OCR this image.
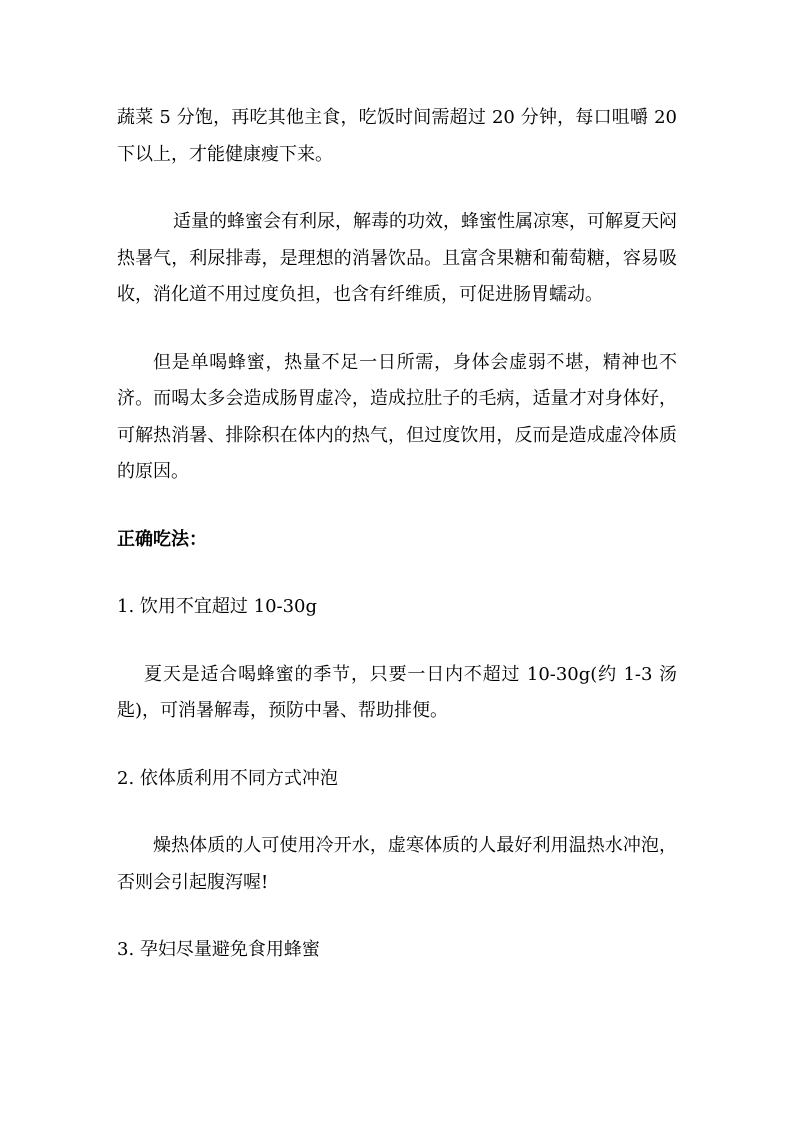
蔬菜 5 分饱，再吃其他主食，吃饭时间需超过 20 分钟，每口咀嚼 20 下以上，才能健康瘦下来。

适量的蜂蜜会有利尿，解毒的功效，蜂蜜性属凉寒，可解夏天闷热暑气，利尿排毒，是理想的消暑饮品。且富含果糖和葡萄糖，容易吸收，消化道不用过度负担，也含有纤维质，可促进肠胃蠕动。

但是单喝蜂蜜，热量不足一日所需，身体会虚弱不堪，精神也不济。而喝太多会造成肠胃虚冷，造成拉肚子的毛病，适量才对身体好，可解热消暑、排除积在体内的热气，但过度饮用，反而是造成虚冷体质的原因。

正确吃法：

1. 饮用不宜超过 10-30g

夏天是适合喝蜂蜜的季节，只要一日内不超过 10-30g(约 1-3 汤匙)，可消暑解毒，预防中暑、帮助排便。

2. 依体质利用不同方式冲泡

燥热体质的人可使用冷开水，虚寒体质的人最好利用温热水冲泡，否则会引起腹泻喔!

3. 孕妇尽量避免食用蜂蜜
